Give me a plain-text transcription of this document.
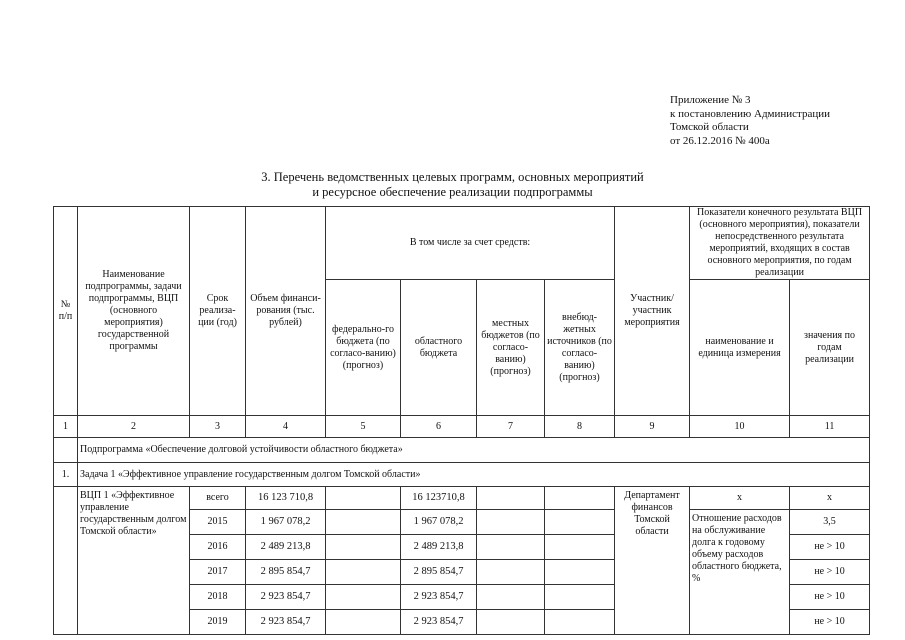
Приложение № 3
к постановлению Администрации
Томской области
от 26.12.2016 № 400а
3. Перечень ведомственных целевых программ, основных мероприятий
и ресурсное обеспечение реализации подпрограммы
№ п/п	Наименование подпрограммы, задачи подпрограммы, ВЦП (основного мероприятия) государственной программы	Срок реализа-ции (год)	Объем финанси-рования (тыс. рублей)	В том числе за счет средств:				Участник/ участник мероприятия	Показатели конечного результата ВЦП (основного мероприятия), показатели непосредственного результата мероприятий, входящих в состав основного мероприятия, по годам реализации	
				федерально-го бюджета (по согласо-ванию) (прогноз)	областного бюджета	местных бюджетов (по согласо-ванию) (прогноз)	внебюд-жетных источников (по согласо-ванию) (прогноз)		наименование и единица измерения	значения по годам реализации
1	2	3	4	5	6	7	8	9	10	11
	Подпрограмма «Обеспечение долговой устойчивости областного бюджета»									
1.	Задача 1 «Эффективное управление государственным долгом Томской области»									
	ВЦП 1 «Эффективное управление государственным долгом Томской области»	всего	16 123 710,8		16 123710,8			Департамент финансов Томской области	х	х
		2015	1 967 078,2		1 967 078,2				Отношение расходов на обслуживание долга к годовому объему расходов областного бюджета, %	3,5
		2016	2 489 213,8		2 489 213,8					не > 10
		2017	2 895 854,7		2 895 854,7					не > 10
		2018	2 923 854,7		2 923 854,7					не > 10
		2019	2 923 854,7		2 923 854,7					не > 10
